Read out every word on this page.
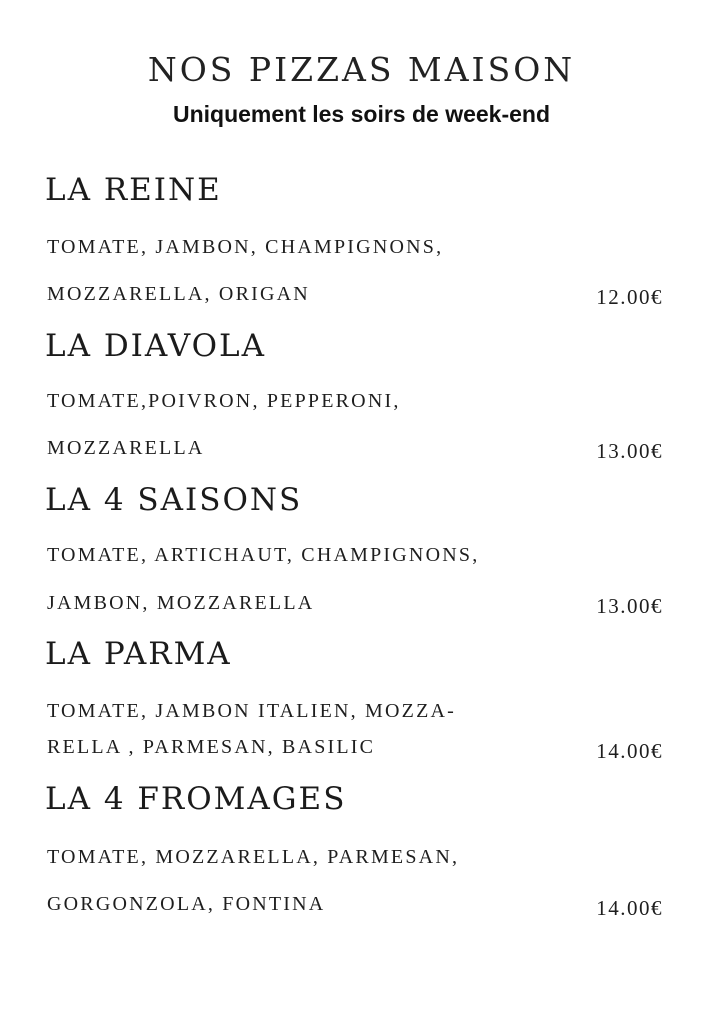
NOS PIZZAS MAISON
Uniquement les soirs de week-end
LA REINE
TOMATE, JAMBON, CHAMPIGNONS,
MOZZARELLA, ORIGAN	12.00€
LA DIAVOLA
TOMATE,POIVRON, PEPPERONI,
MOZZARELLA	13.00€
LA 4 SAISONS
TOMATE, ARTICHAUT, CHAMPIGNONS,
JAMBON, MOZZARELLA	13.00€
LA PARMA
TOMATE, JAMBON ITALIEN, MOZZA-
RELLA , PARMESAN, BASILIC	14.00€
LA 4 FROMAGES
TOMATE, MOZZARELLA, PARMESAN,
GORGONZOLA, FONTINA	14.00€
